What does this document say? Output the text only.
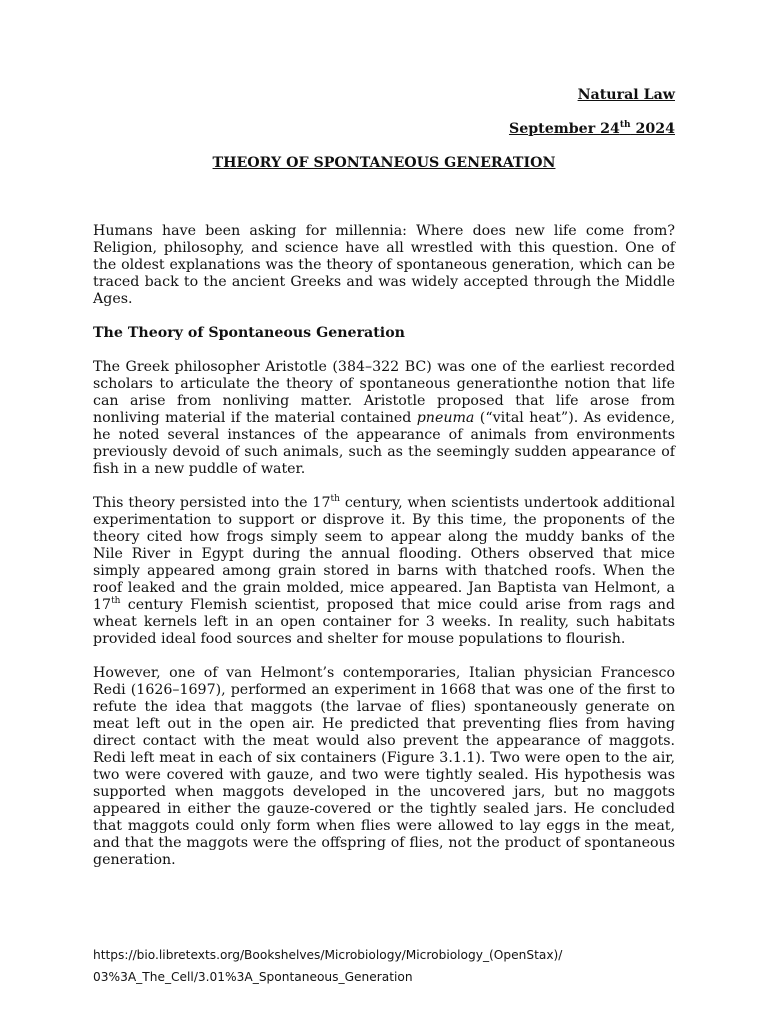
Natural Law
September 24th 2024
THEORY OF SPONTANEOUS GENERATION

Humans have been asking for millennia: Where does new life come from? Religion, philosophy, and science have all wrestled with this question. One of the oldest explanations was the theory of spontaneous generation, which can be traced back to the ancient Greeks and was widely accepted through the Middle Ages.

The Theory of Spontaneous Generation

The Greek philosopher Aristotle (384–322 BC) was one of the earliest recorded scholars to articulate the theory of spontaneous generationthe notion that life can arise from nonliving matter. Aristotle proposed that life arose from nonliving material if the material contained pneuma (“vital heat”). As evidence, he noted several instances of the appearance of animals from environments previously devoid of such animals, such as the seemingly sudden appearance of fish in a new puddle of water.

This theory persisted into the 17th century, when scientists undertook additional experimentation to support or disprove it. By this time, the proponents of the theory cited how frogs simply seem to appear along the muddy banks of the Nile River in Egypt during the annual flooding. Others observed that mice simply appeared among grain stored in barns with thatched roofs. When the roof leaked and the grain molded, mice appeared. Jan Baptista van Helmont, a 17th century Flemish scientist, proposed that mice could arise from rags and wheat kernels left in an open container for 3 weeks. In reality, such habitats provided ideal food sources and shelter for mouse populations to flourish.

However, one of van Helmont’s contemporaries, Italian physician Francesco Redi (1626–1697), performed an experiment in 1668 that was one of the first to refute the idea that maggots (the larvae of flies) spontaneously generate on meat left out in the open air. He predicted that preventing flies from having direct contact with the meat would also prevent the appearance of maggots. Redi left meat in each of six containers (Figure 3.1.1). Two were open to the air, two were covered with gauze, and two were tightly sealed. His hypothesis was supported when maggots developed in the uncovered jars, but no maggots appeared in either the gauze-covered or the tightly sealed jars. He concluded that maggots could only form when flies were allowed to lay eggs in the meat, and that the maggots were the offspring of flies, not the product of spontaneous generation.

https://bio.libretexts.org/Bookshelves/Microbiology/Microbiology_(OpenStax)/
03%3A_The_Cell/3.01%3A_Spontaneous_Generation
